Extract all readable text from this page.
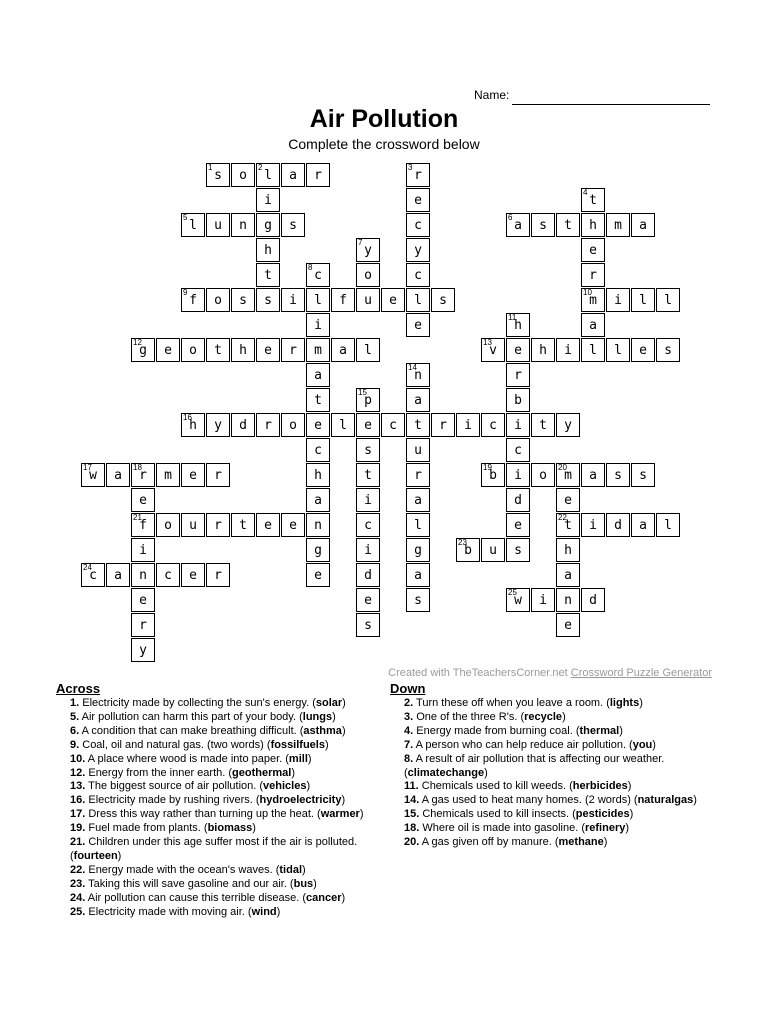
Name:
Air Pollution
Complete the crossword below
1
s	o
2
l	a	r
i
g
h
t
s
3
r
e
c
y
c
l
e
4
t
h
e
r
10
m
a
l
5
l	u	n	s
6
a	s	t	m	a
7
y
o
u
8
c
l
i
m
a
t
e
c
h
a
n
g
e
9
f	o	s	i	f	e	s	i	l	l
11
h
e
r
b
i
c
i
d
e
s
12
g	e	o	t	h	e	r	a	l
13
v	h	i	l	e	s
14
n
a
t
u
r
a
l
g
a
s
15
p
e
s
t
i
c
i
d
e
s
16
h	y	d	r	o	l	c	r	i	c	t	y
17
w	a
18
r	m	e	r
e
21
f
i
n
e
r
y
19
b	o
20
m	a	s	s
e
22
t
h
a
n
e
o	u	r	t	e	e	i	d	a	l
23
b	u
24
c	a	c	e	r
25
w	i	d
Created with TheTeachersCorner.net Crossword Puzzle Generator
Across
1. Electricity made by collecting the sun's energy. (solar)
5. Air pollution can harm this part of your body. (lungs)
6. A condition that can make breathing difficult. (asthma)
9. Coal, oil and natural gas. (two words) (fossilfuels)
10. A place where wood is made into paper. (mill)
12. Energy from the inner earth. (geothermal)
13. The biggest source of air pollution. (vehicles)
16. Electricity made by rushing rivers. (hydroelectricity)
17. Dress this way rather than turning up the heat. (warmer)
19. Fuel made from plants. (biomass)
21. Children under this age suffer most if the air is polluted. (fourteen)
22. Energy made with the ocean's waves. (tidal)
23. Taking this will save gasoline and our air. (bus)
24. Air pollution can cause this terrible disease. (cancer)
25. Electricity made with moving air. (wind)
Down
2. Turn these off when you leave a room. (lights)
3. One of the three R's. (recycle)
4. Energy made from burning coal. (thermal)
7. A person who can help reduce air pollution. (you)
8. A result of air pollution that is affecting our weather. (climatechange)
11. Chemicals used to kill weeds. (herbicides)
14. A gas used to heat many homes. (2 words) (naturalgas)
15. Chemicals used to kill insects. (pesticides)
18. Where oil is made into gasoline. (refinery)
20. A gas given off by manure. (methane)
